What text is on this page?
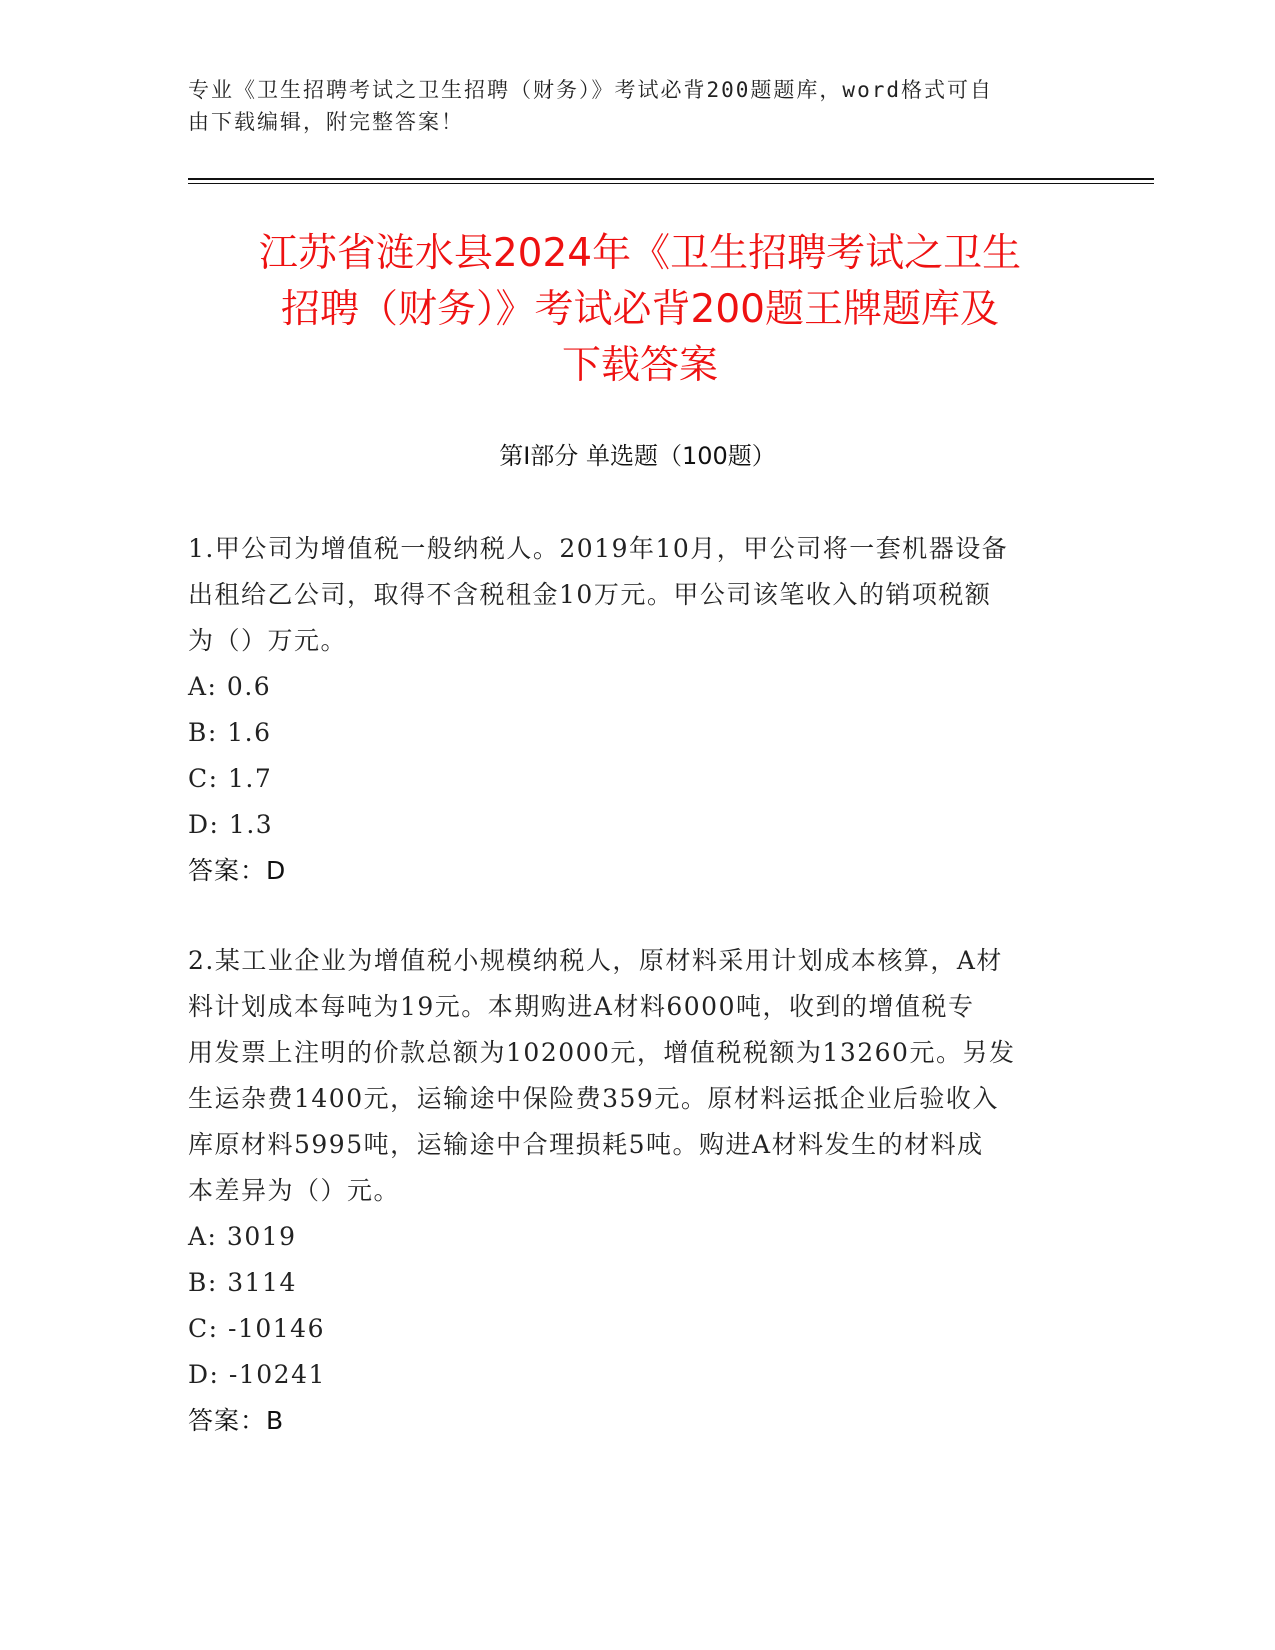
专业《卫生招聘考试之卫生招聘（财务）》考试必背200题题库，word格式可自
由下载编辑，附完整答案！
江苏省涟水县2024年《卫生招聘考试之卫生
招聘（财务）》考试必背200题王牌题库及
下载答案
第I部分 单选题（100题）

1.甲公司为增值税一般纳税人。2019年10月，甲公司将一套机器设备

出租给乙公司，取得不含税租金10万元。甲公司该笔收入的销项税额

为（）万元。

A: 0.6

B: 1.6

C: 1.7

D: 1.3

答案：D

2.某工业企业为增值税小规模纳税人，原材料采用计划成本核算，A材

料计划成本每吨为19元。本期购进A材料6000吨，收到的增值税专

用发票上注明的价款总额为102000元，增值税税额为13260元。另发

生运杂费1400元，运输途中保险费359元。原材料运抵企业后验收入

库原材料5995吨，运输途中合理损耗5吨。购进A材料发生的材料成

本差异为（）元。

A: 3019

B: 3114

C: -10146

D: -10241

答案：B
